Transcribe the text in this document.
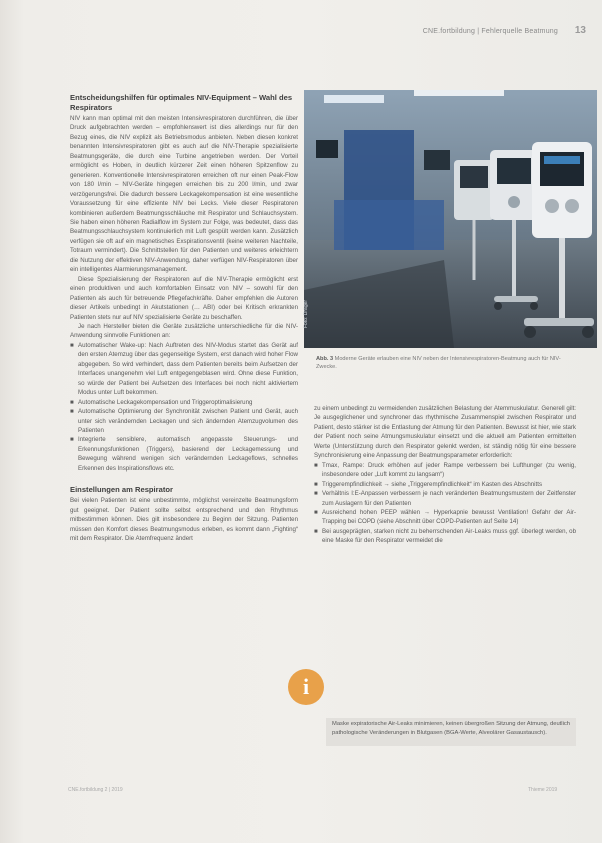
CNE.fortbildung | Fehlerquelle Beatmung 13
Entscheidungshilfen für optimales NIV-Equipment – Wahl des Respirators

NIV kann man optimal mit den meisten Intensivrespiratoren durchführen, die über Druck aufgebrachten werden – empfohlenswert ist dies allerdings nur für den Bezug eines, die NIV explizit als Betriebsmodus anbieten. Neben diesen konkret benannten Intensivrespiratoren gibt es auch auf die NIV-Therapie spezialisierte Beatmungsgeräte, die durch eine Turbine angetrieben werden. Der Vorteil ermöglicht es Hoben, in deutlich kürzerer Zeit einen höheren Spitzenflow zu generieren. Konventionelle Intensivrespiratoren erreichen oft nur einen Peak-Flow von 180 l/min – NIV-Geräte hingegen erreichen bis zu 200 l/min, und zwar verzögerungsfrei. Die dadurch bessere Leckagekompensation ist eine wesentliche Voraussetzung für eine effiziente NIV bei Lecks. Viele dieser Respiratoren kombinieren außerdem Beatmungsschläuche mit Respirator und Schlauchsystem. Sie haben einen höheren Radialflow im System zur Folge, was bedeutet, dass das Beatmungsschlauchsystem kontinuierlich mit Luft gespült werden kann. Zusätzlich verfügen sie oft auf ein magnetisches Exspirationsventil (keine weiteren Nachteile, Totraum vermindert). Die Schnittstellen für den Patienten und weiteres erleichtern die Nutzung der effektiven NIV-Anwendung, daher verfügen NIV-Respiratoren über ein intelligentes Alarmierungsmanagement.

Diese Spezialisierung der Respiratoren auf die NIV-Therapie ermöglicht erst einen produktiven und auch komfortablen Einsatz von NIV – sowohl für den Patienten als auch für betreuende Pflegefachkräfte. Daher empfehlen die Autoren dieser Artikels unbedingt in Akutstationen (… ABI) oder bei Kritisch erkrankten Patienten stets nur auf NIV spezialisierte Geräte zu beschaffen.

Je nach Hersteller bieten die Geräte zusätzliche unterschiedliche für die NIV-Anwendung sinnvolle Funktionen an:

■ Automatischer Wake-up: Nach Auftreten des NIV-Modus startet das Gerät auf den ersten Atemzug über das gegenseitige System, erst danach wird hoher Flow abgegeben. So wird verhindert, dass dem Patienten bereits beim Aufsetzen der Interfaces unangenehm viel Luft entgegengeblasen wird. Ohne diese Funktion, so würde der Patient bei Aufsetzen des Interfaces bei noch nicht aktiviertem Modus unter Luft bekommen.
■ Automatische Leckagekompensation und Triggeroptimalisierung
■ Automatische Optimierung der Synchronität zwischen Patient und Gerät, auch unter sich verändernden Leckagen und sich ändernden Atemzugvolumen des Patienten
■ Integrierte sensiblere, automatisch angepasste Steuerungs- und Erkennungsfunktionen (Triggers), basierend der Leckagemessung und Bewegung während wenigen sich verändernden Leckageflows, schnelles Erkennen des Inspirationsflows etc.
Einstellungen am Respirator

Bei vielen Patienten ist eine unbestimmte, möglichst vereinzelte Beatmungsform gut geeignet. Der Patient sollte selbst entsprechend und den Rhythmus mitbestimmen können. Dies gilt insbesondere zu Beginn der Sitzung. Patienten müssen den Komfort dieses Beatmungsmodus erleben, es kommt dann „Fighting“ mit dem Respirator. Die Atemfrequenz ändert

Foto: Dräger
Abb. 3 Moderne Geräte erlauben eine NIV neben der Intensivrespiratoren-Beatmung auch für NIV-Zwecke.

zu einem unbedingt zu vermeidenden zusätzlichen Belastung der Atemmuskulatur. Generell gilt: Je ausgeglichener und synchroner das rhythmische Zusammenspiel zwischen Respirator und Patient, desto stärker ist die Entlastung der Atmung für den Patienten. Bewusst ist hier, wie stark der Patient noch seine Atmungsmuskulatur einsetzt und die aktuell am Patienten ermittelten Werte (Unterstützung durch den Respirator gelenkt werden, ist ständig nötig für eine bessere Synchronisierung eine Anpassung der Beatmungsparameter erforderlich:

■ Tmax, Rampe: Druck erhöhen auf jeder Rampe verbessern bei Lufthunger (zu wenig, insbesondere oder „Luft kommt zu langsam“)
■ Triggerempfindlichkeit → siehe „Triggerempfindlichkeit“ im Kasten des Abschnitts
■ Verhältnis I:E-Anpassen verbessern je nach veränderten Beatmungsmustern der Zeitfenster zum Auslagern für den Patienten
■ Ausreichend hohen PEEP wählen → Hyperkapnie bewusst Ventilation! Gefahr der Air-Trapping bei COPD (siehe Abschnitt über COPD-Patienten auf Seite 14)
■ Bei ausgeprägten, starken nicht zu beherrschenden Air-Leaks muss ggf. überlegt werden, ob eine Maske für den Respirator vermeidet die
i

Maske expiratorische Air-Leaks minimieren, keinen übergroßen Sitzung der Atmung, deutlich pathologische Veränderungen in Blutgasen (BGA-Werte, Alveolärer Gasaustausch).

CNE.fortbildung 2 | 2019	Thieme 2019
